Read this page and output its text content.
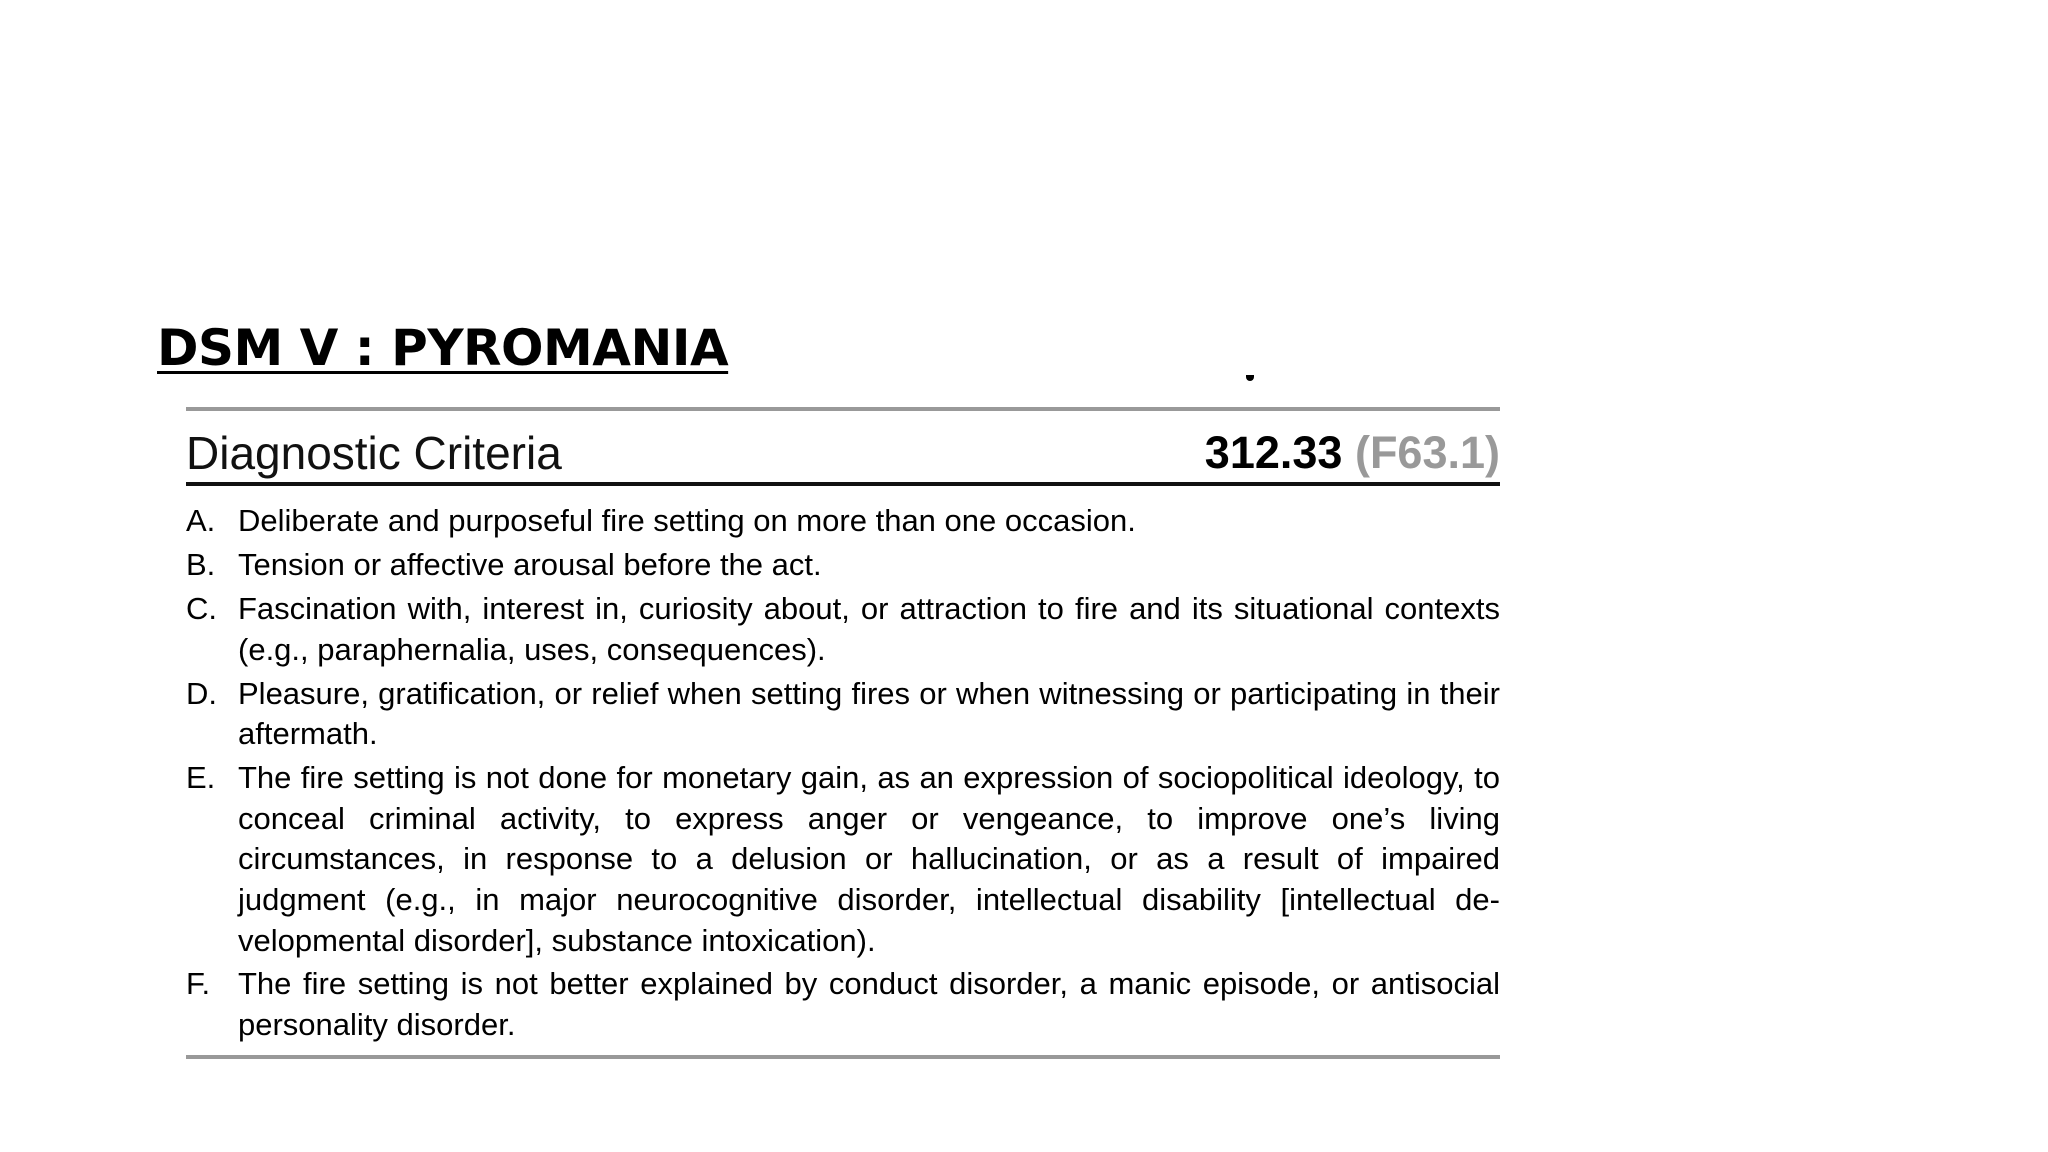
DSM V : PYROMANIA
Diagnostic Criteria	312.33 (F63.1)
A. Deliberate and purposeful fire setting on more than one occasion.
B. Tension or affective arousal before the act.
C. Fascination with, interest in, curiosity about, or attraction to fire and its situational contexts (e.g., paraphernalia, uses, consequences).
D. Pleasure, gratification, or relief when setting fires or when witnessing or participating in their aftermath.
E. The fire setting is not done for monetary gain, as an expression of sociopolitical ideology, to conceal criminal activity, to express anger or vengeance, to improve one’s living circumstances, in response to a delusion or hallucination, or as a result of impaired judgment (e.g., in major neurocognitive disorder, intellectual disability [intellectual developmental disorder], substance intoxication).
F. The fire setting is not better explained by conduct disorder, a manic episode, or antisocial personality disorder.
